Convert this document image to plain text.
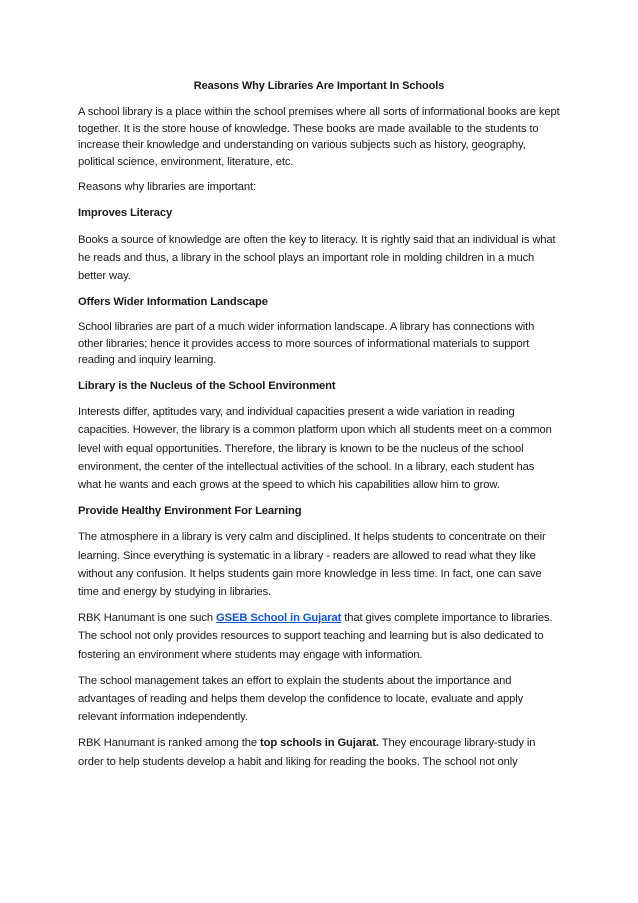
Reasons Why Libraries Are Important In Schools

A school library is a place within the school premises where all sorts of informational books are kept together. It is the store house of knowledge. These books are made available to the students to increase their knowledge and understanding on various subjects such as history, geography, political science, environment, literature, etc.

Reasons why libraries are important:

Improves Literacy

Books a source of knowledge are often the key to literacy. It is rightly said that an individual is what he reads and thus, a library in the school plays an important role in molding children in a much better way.

Offers Wider Information Landscape

School libraries are part of a much wider information landscape. A library has connections with other libraries; hence it provides access to more sources of informational materials to support reading and inquiry learning.

Library is the Nucleus of the School Environment

Interests differ, aptitudes vary, and individual capacities present a wide variation in reading capacities. However, the library is a common platform upon which all students meet on a common level with equal opportunities. Therefore, the library is known to be the nucleus of the school environment, the center of the intellectual activities of the school. In a library, each student has what he wants and each grows at the speed to which his capabilities allow him to grow.

Provide Healthy Environment For Learning

The atmosphere in a library is very calm and disciplined. It helps students to concentrate on their learning. Since everything is systematic in a library - readers are allowed to read what they like without any confusion. It helps students gain more knowledge in less time. In fact, one can save time and energy by studying in libraries.

RBK Hanumant is one such GSEB School in Gujarat that gives complete importance to libraries. The school not only provides resources to support teaching and learning but is also dedicated to fostering an environment where students may engage with information.

The school management takes an effort to explain the students about the importance and advantages of reading and helps them develop the confidence to locate, evaluate and apply relevant information independently.

RBK Hanumant is ranked among the top schools in Gujarat. They encourage library-study in order to help students develop a habit and liking for reading the books. The school not only
